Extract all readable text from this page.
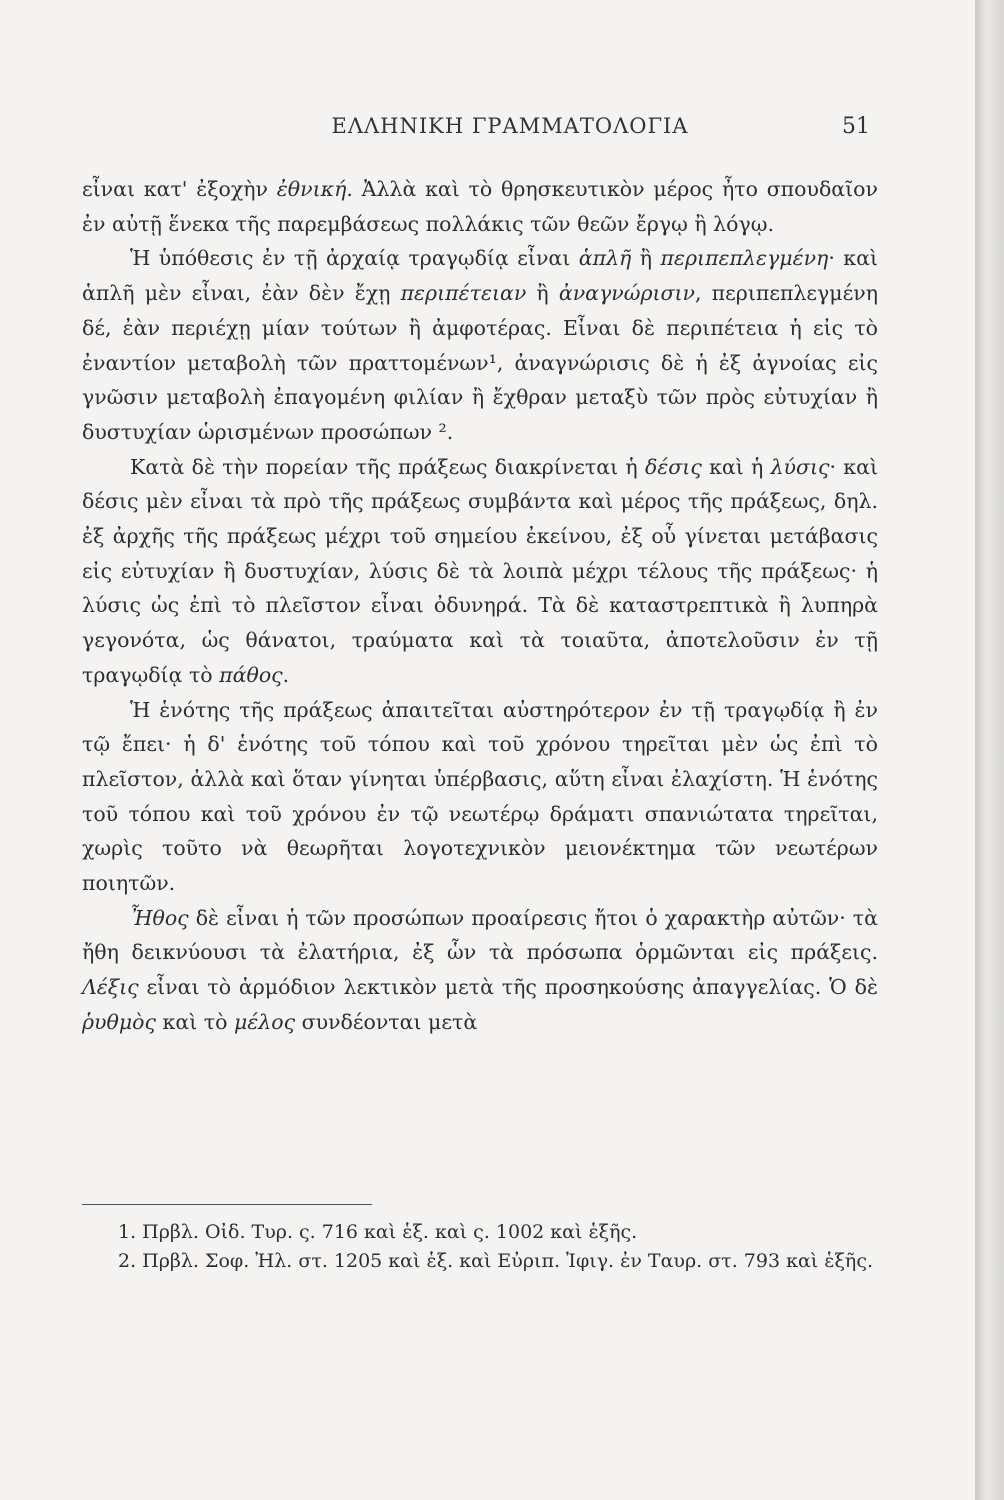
ΕΛΛΗΝΙΚΗ ΓΡΑΜΜΑΤΟΛΟΓΙΑ	51

εἶναι κατ' ἐξοχὴν ἐθνική. Ἀλλὰ καὶ τὸ θρησκευτικὸν μέρος ἦτο σπουδαῖον ἐν αὐτῇ ἕνεκα τῆς παρεμβάσεως πολλάκις τῶν θεῶν ἔργῳ ἢ λόγῳ.

Ἡ ὑπόθεσις ἐν τῇ ἀρχαίᾳ τραγῳδίᾳ εἶναι ἁπλῆ ἢ περιπεπλεγμένη· καὶ ἁπλῆ μὲν εἶναι, ἐὰν δὲν ἔχῃ περιπέτειαν ἢ ἀναγνώρισιν, περιπεπλεγμένη δέ, ἐὰν περιέχῃ μίαν τούτων ἢ ἀμφοτέρας. Εἶναι δὲ περιπέτεια ἡ εἰς τὸ ἐναντίον μεταβολὴ τῶν πραττομένων¹, ἀναγνώρισις δὲ ἡ ἐξ ἀγνοίας εἰς γνῶσιν μεταβολὴ ἐπαγομένη φιλίαν ἢ ἔχθραν μεταξὺ τῶν πρὸς εὐτυχίαν ἢ δυστυχίαν ὡρισμένων προσώπων ².

Κατὰ δὲ τὴν πορείαν τῆς πράξεως διακρίνεται ἡ δέσις καὶ ἡ λύσις· καὶ δέσις μὲν εἶναι τὰ πρὸ τῆς πράξεως συμβάντα καὶ μέρος τῆς πράξεως, δηλ. ἐξ ἀρχῆς τῆς πράξεως μέχρι τοῦ σημείου ἐκείνου, ἐξ οὗ γίνεται μετάβασις εἰς εὐτυχίαν ἢ δυστυχίαν, λύσις δὲ τὰ λοιπὰ μέχρι τέλους τῆς πράξεως· ἡ λύσις ὡς ἐπὶ τὸ πλεῖστον εἶναι ὀδυνηρά. Τὰ δὲ καταστρεπτικὰ ἢ λυπηρὰ γεγονότα, ὡς θάνατοι, τραύματα καὶ τὰ τοιαῦτα, ἀποτελοῦσιν ἐν τῇ τραγῳδίᾳ τὸ πάθος.

Ἡ ἑνότης τῆς πράξεως ἀπαιτεῖται αὐστηρότερον ἐν τῇ τραγῳδίᾳ ἢ ἐν τῷ ἔπει· ἡ δ' ἑνότης τοῦ τόπου καὶ τοῦ χρόνου τηρεῖται μὲν ὡς ἐπὶ τὸ πλεῖστον, ἀλλὰ καὶ ὅταν γίνηται ὑπέρβασις, αὕτη εἶναι ἐλαχίστη. Ἡ ἑνότης τοῦ τόπου καὶ τοῦ χρόνου ἐν τῷ νεωτέρῳ δράματι σπανιώτατα τηρεῖται, χωρὶς τοῦτο νὰ θεωρῆται λογοτεχνικὸν μειονέκτημα τῶν νεωτέρων ποιητῶν.

Ἦθος δὲ εἶναι ἡ τῶν προσώπων προαίρεσις ἤτοι ὁ χαρακτὴρ αὐτῶν· τὰ ἤθη δεικνύουσι τὰ ἐλατήρια, ἐξ ὧν τὰ πρόσωπα ὁρμῶνται εἰς πράξεις. Λέξις εἶναι τὸ ἁρμόδιον λεκτικὸν μετὰ τῆς προσηκούσης ἀπαγγελίας. Ὁ δὲ ῥυθμὸς καὶ τὸ μέλος συνδέονται μετὰ

1. Πρβλ. Οἰδ. Τυρ. ς. 716 καὶ ἑξ. καὶ ς. 1002 καὶ ἑξῆς.

2. Πρβλ. Σοφ. Ἠλ. στ. 1205 καὶ ἑξ. καὶ Εὐριπ. Ἰφιγ. ἐν Ταυρ. στ. 793 καὶ ἑξῆς.
